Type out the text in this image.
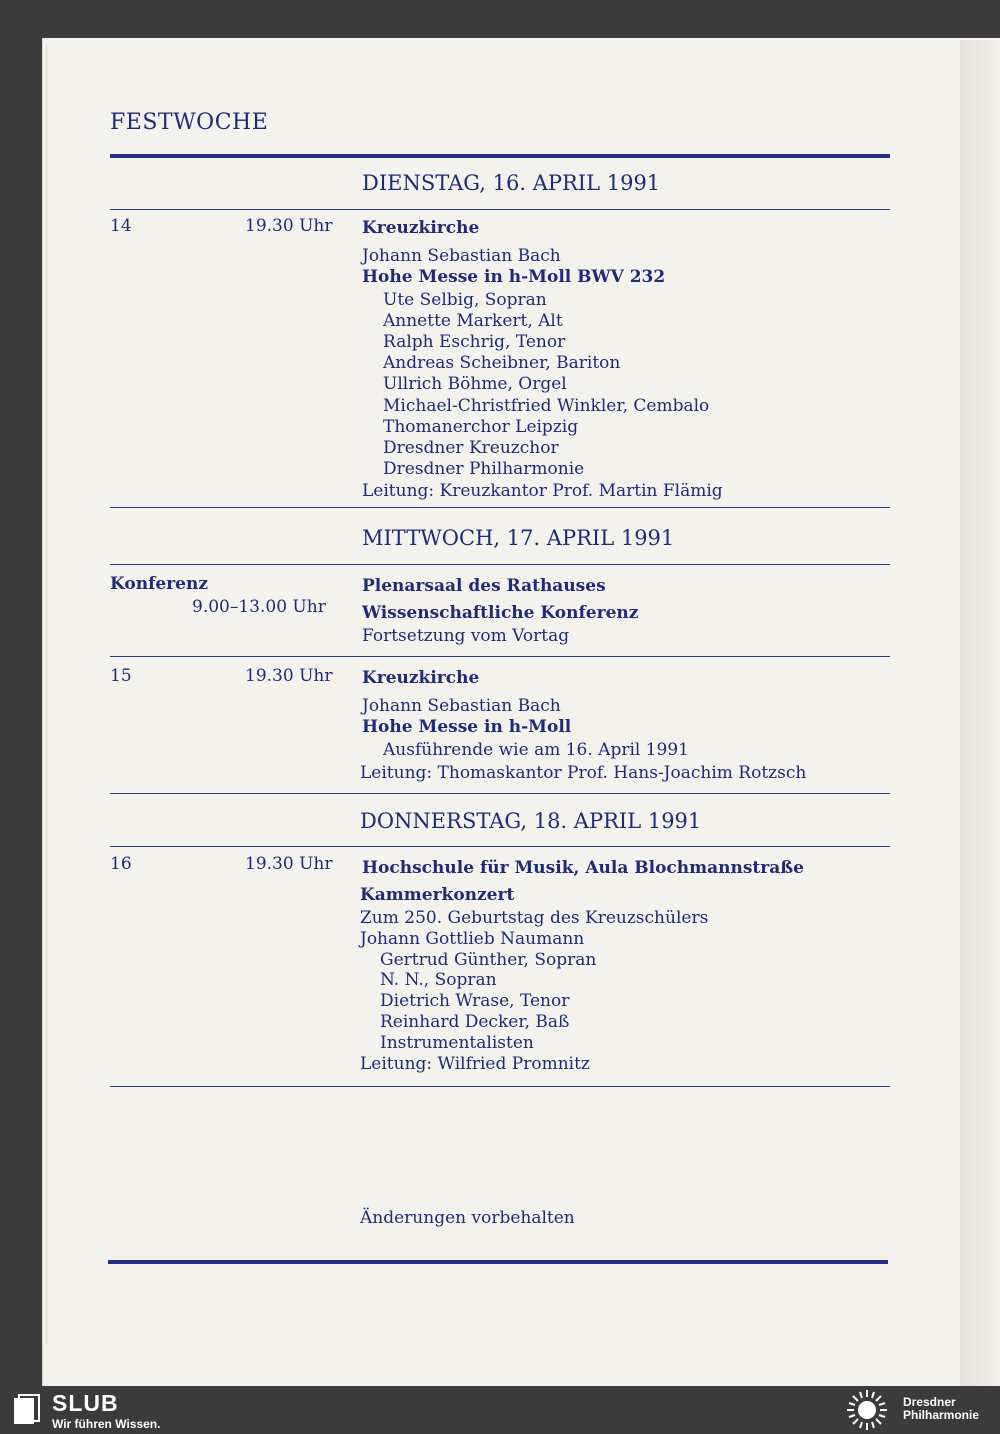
FESTWOCHE
DIENSTAG, 16. APRIL 1991
14	19.30 Uhr Kreuzkirche
Johann Sebastian Bach
Hohe Messe in h-Moll BWV 232
Ute Selbig, Sopran
Annette Markert, Alt
Ralph Eschrig, Tenor
Andreas Scheibner, Bariton
Ullrich Böhme, Orgel
Michael-Christfried Winkler, Cembalo
Thomanerchor Leipzig
Dresdner Kreuzchor
Dresdner Philharmonie
Leitung: Kreuzkantor Prof. Martin Flämig
MITTWOCH, 17. APRIL 1991
Konferenz
9.00–13.00 Uhr
Plenarsaal des Rathauses
Wissenschaftliche Konferenz
Fortsetzung vom Vortag
15	19.30 Uhr Kreuzkirche
Johann Sebastian Bach
Hohe Messe in h-Moll
Ausführende wie am 16. April 1991
Leitung: Thomaskantor Prof. Hans-Joachim Rotzsch
DONNERSTAG, 18. APRIL 1991
16	19.30 Uhr Hochschule für Musik, Aula Blochmannstraße
Kammerkonzert
Zum 250. Geburtstag des Kreuzschülers
Johann Gottlieb Naumann
Gertrud Günther, Sopran
N. N., Sopran
Dietrich Wrase, Tenor
Reinhard Decker, Baß
Instrumentalisten
Leitung: Wilfried Promnitz
Änderungen vorbehalten
SLUB
Wir führen Wissen.
Dresdner
Philharmonie
